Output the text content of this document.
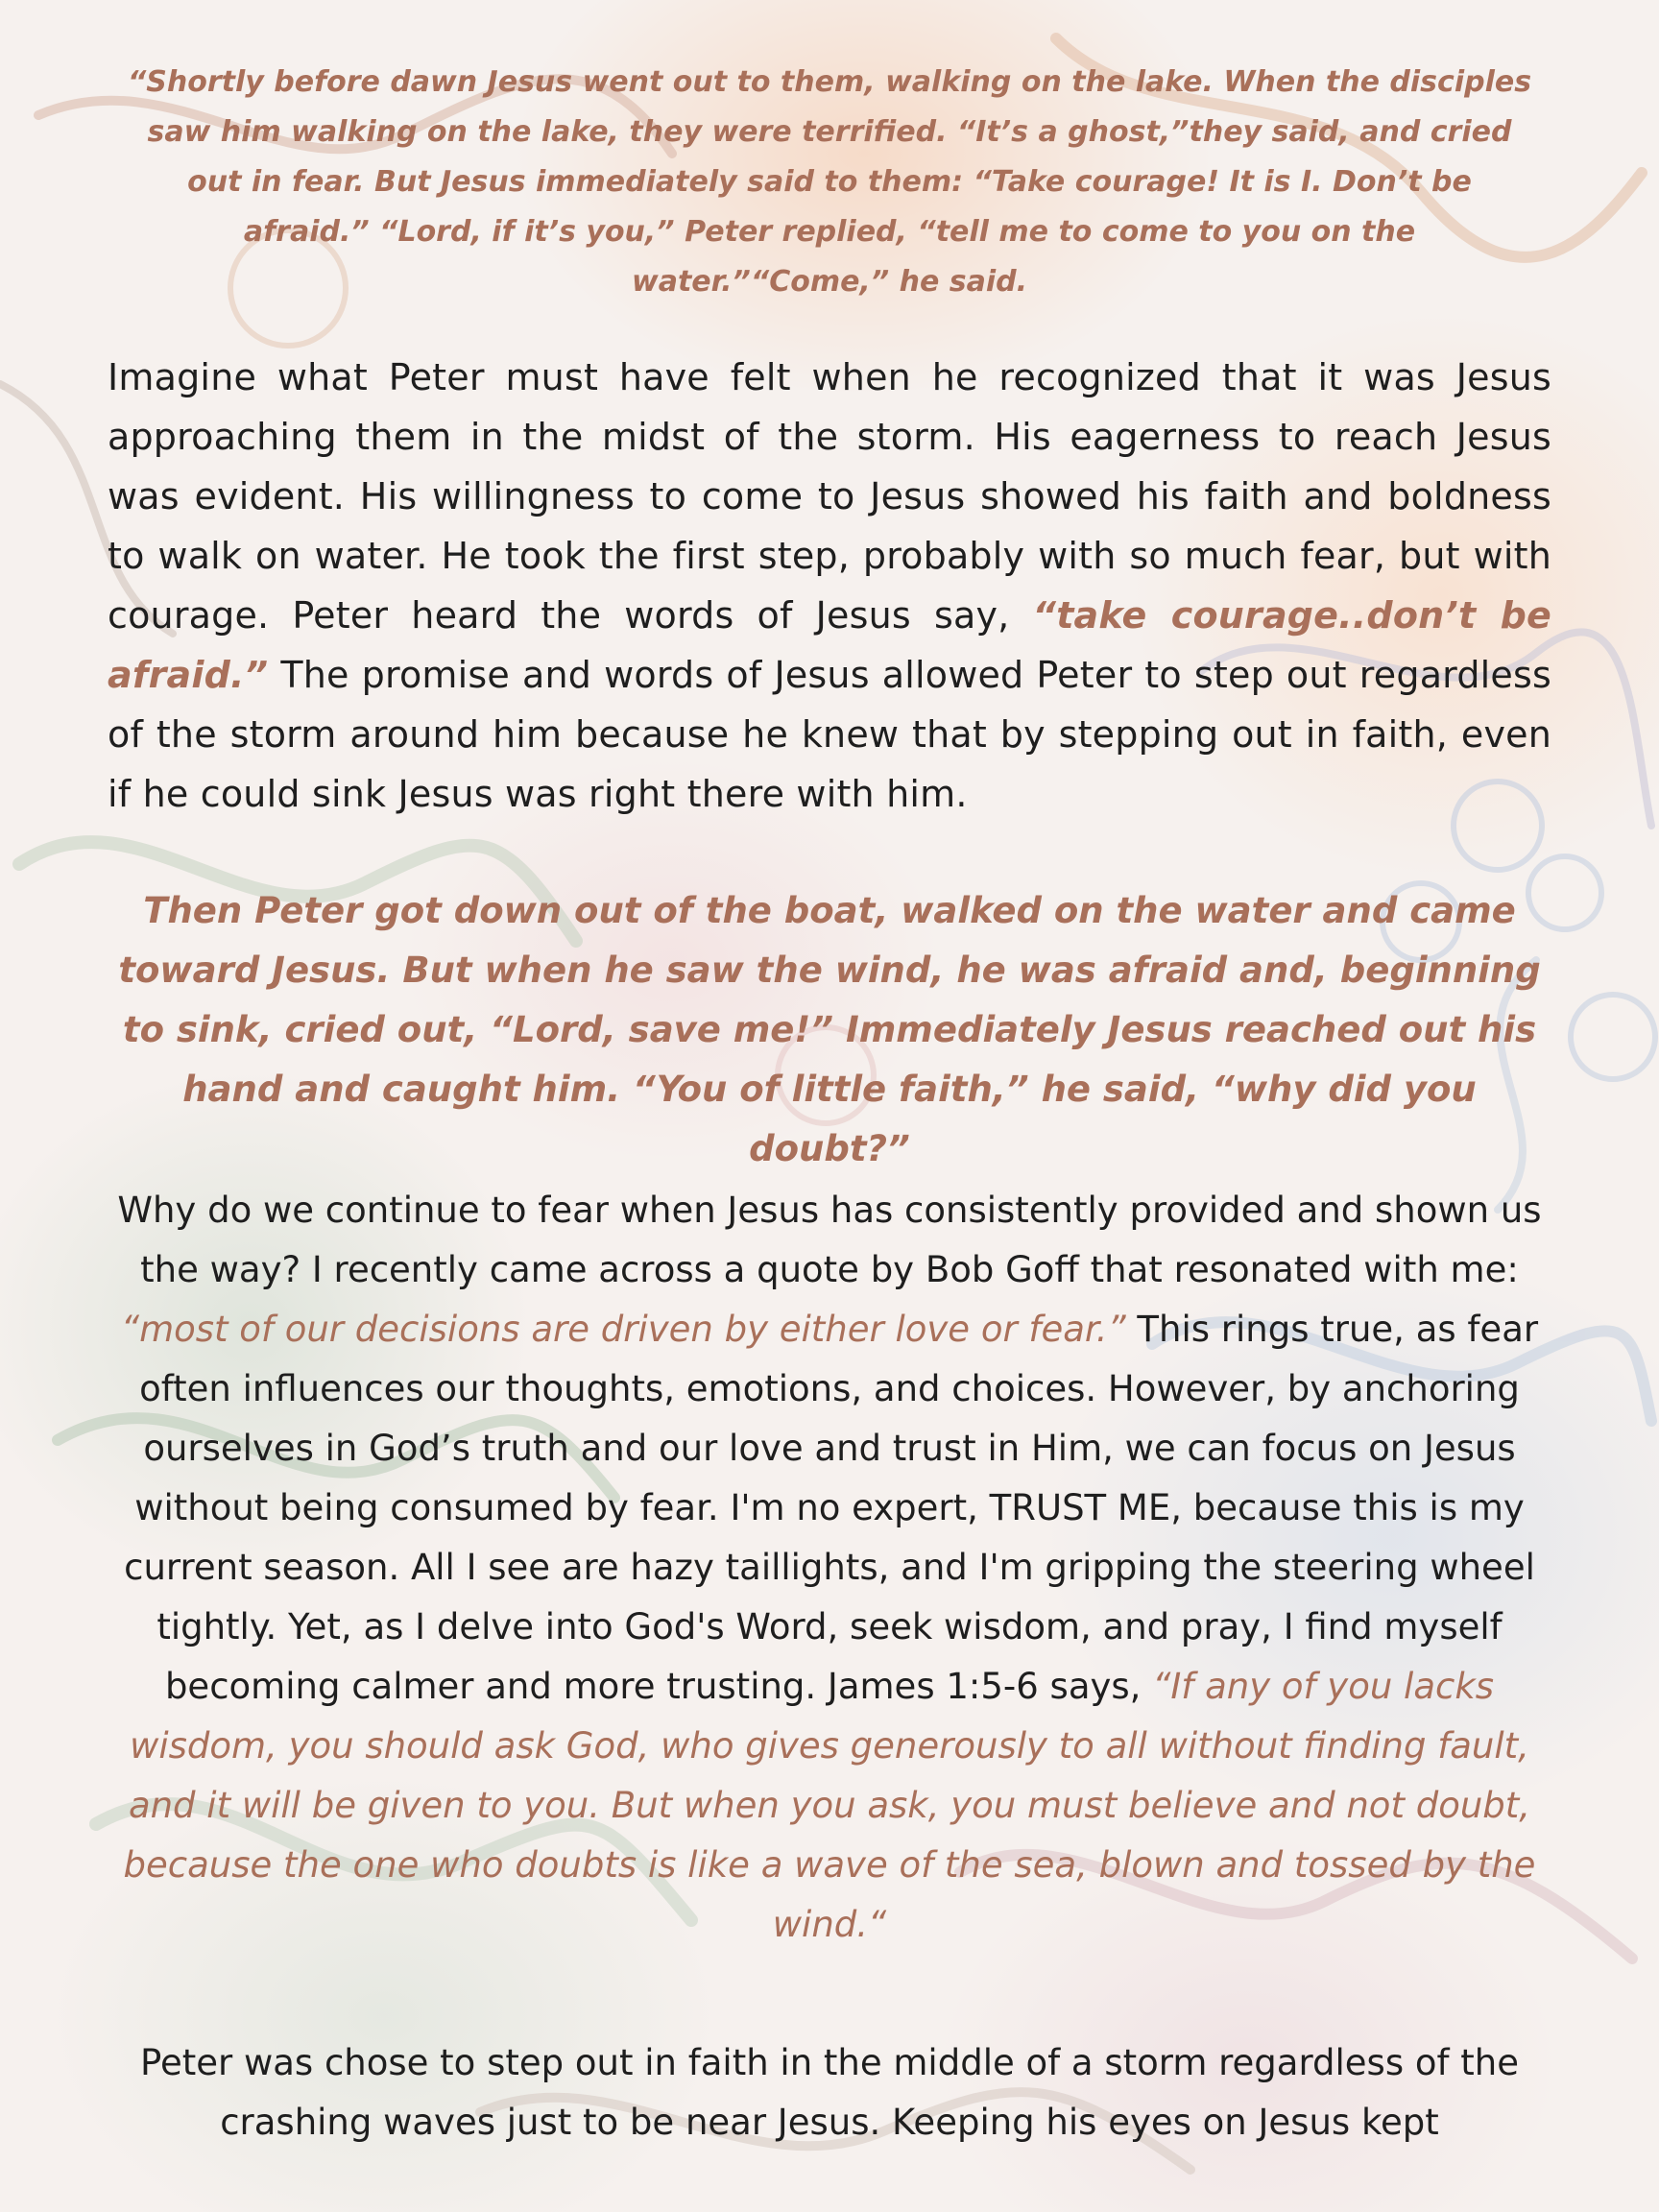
“Shortly before dawn Jesus went out to them, walking on the lake. When the disciples saw him walking on the lake, they were terrified. “It’s a ghost,”they said, and cried out in fear. But Jesus immediately said to them: “Take courage! It is I. Don’t be afraid.” “Lord, if it’s you,” Peter replied, “tell me to come to you on the water.”“Come,” he said.

Imagine what Peter must have felt when he recognized that it was Jesus approaching them in the midst of the storm. His eagerness to reach Jesus was evident. His willingness to come to Jesus showed his faith and boldness to walk on water. He took the first step, probably with so much fear, but with courage. Peter heard the words of Jesus say, “take courage..don’t be afraid.” The promise and words of Jesus allowed Peter to step out regardless of the storm around him because he knew that by stepping out in faith, even if he could sink Jesus was right there with him.

Then Peter got down out of the boat, walked on the water and came toward Jesus. But when he saw the wind, he was afraid and, beginning to sink, cried out, “Lord, save me!” Immediately Jesus reached out his hand and caught him. “You of little faith,” he said, “why did you doubt?”

Why do we continue to fear when Jesus has consistently provided and shown us the way? I recently came across a quote by Bob Goff that resonated with me: “most of our decisions are driven by either love or fear.” This rings true, as fear often influences our thoughts, emotions, and choices. However, by anchoring ourselves in God’s truth and our love and trust in Him, we can focus on Jesus without being consumed by fear. I'm no expert, TRUST ME, because this is my current season. All I see are hazy taillights, and I'm gripping the steering wheel tightly. Yet, as I delve into God's Word, seek wisdom, and pray, I find myself becoming calmer and more trusting. James 1:5-6 says, “If any of you lacks wisdom, you should ask God, who gives generously to all without finding fault, and it will be given to you. But when you ask, you must believe and not doubt, because the one who doubts is like a wave of the sea, blown and tossed by the wind.“

Peter was chose to step out in faith in the middle of a storm regardless of the crashing waves just to be near Jesus. Keeping his eyes on Jesus kept
